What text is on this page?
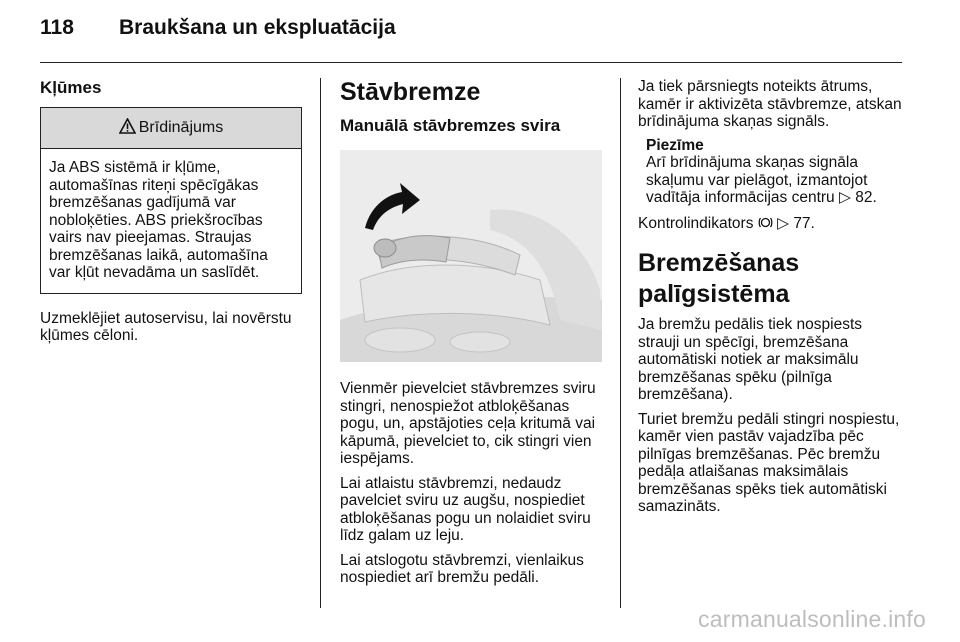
118 Braukšana un ekspluatācija
Kļūmes
Brīdinājums
Ja ABS sistēmā ir kļūme, automašīnas riteņi spēcīgākas bremzēšanas gadījumā var nobloķēties. ABS priekšrocības vairs nav pieejamas. Straujas bremzēšanas laikā, automašīna var kļūt nevadāma un saslīdēt.

Uzmeklējiet autoservisu, lai novērstu kļūmes cēloni.

Stāvbremze
Manuālā stāvbremzes svira

Vienmēr pievelciet stāvbremzes sviru stingri, nenospiežot atbloķēšanas pogu, un, apstājoties ceļa kritumā vai kāpumā, pievelciet to, cik stingri vien iespējams.

Lai atlaistu stāvbremzi, nedaudz pavelciet sviru uz augšu, nospiediet atbloķēšanas pogu un nolaidiet sviru līdz galam uz leju.

Lai atslogotu stāvbremzi, vienlaikus nospiediet arī bremžu pedāli.

Ja tiek pārsniegts noteikts ātrums, kamēr ir aktivizēta stāvbremze, atskan brīdinājuma skaņas signāls.

Piezīme
Arī brīdinājuma skaņas signāla skaļumu var pielāgot, izmantojot vadītāja informācijas centru ▷ 82.

Kontrolindikators ▷ 77.

Bremzēšanas palīgsistēma

Ja bremžu pedālis tiek nospiests strauji un spēcīgi, bremzēšana automātiski notiek ar maksimālu bremzēšanas spēku (pilnīga bremzēšana).

Turiet bremžu pedāli stingri nospiestu, kamēr vien pastāv vajadzība pēc pilnīgas bremzēšanas. Pēc bremžu pedāļa atlaišanas maksimālais bremzēšanas spēks tiek automātiski samazināts.

carmanualsonline.info
